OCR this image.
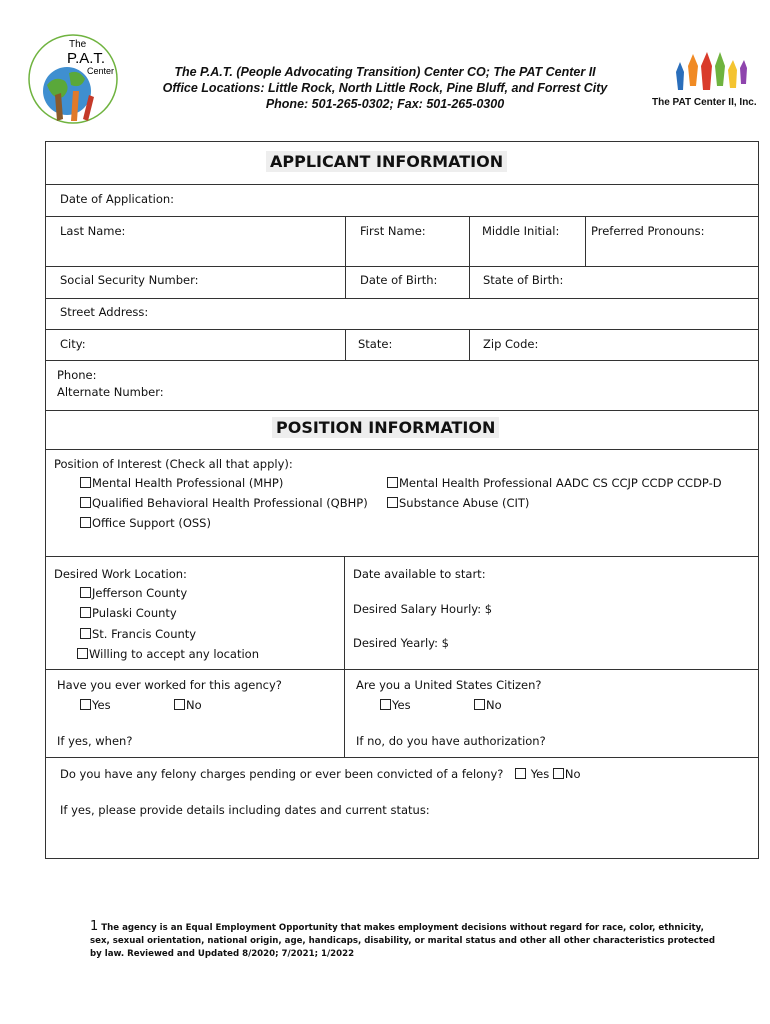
The
P.A.T.
Center	The P.A.T. (People Advocating Transition) Center CO; The PAT Center II
Office Locations: Little Rock, North Little Rock, Pine Bluff, and Forrest City
Phone: 501-265-0302; Fax: 501-265-0300	The PAT Center II, Inc.
APPLICANT INFORMATION
Date of Application:
Last Name:	First Name:	Middle Initial:	Preferred Pronouns:
Social Security Number:	Date of Birth:	State of Birth:
Street Address:
City:	State:	Zip Code:
Phone:
Alternate Number:
POSITION INFORMATION
Position of Interest (Check all that apply):
Mental Health Professional (MHP)
Qualified Behavioral Health Professional (QBHP)
Office Support (OSS)
Mental Health Professional AADC CS CCJP CCDP CCDP-D
Substance Abuse (CIT)
Desired Work Location:
Jefferson County
Pulaski County
St. Francis County
Willing to accept any location
Date available to start:
Desired Salary Hourly: $
Desired Yearly: $
Have you ever worked for this agency?
Yes	No
Are you a United States Citizen?
Yes	No
If yes, when?	If no, do you have authorization?
Do you have any felony charges pending or ever been convicted of a felony? Yes No
If yes, please provide details including dates and current status:
1 The agency is an Equal Employment Opportunity that makes employment decisions without regard for race, color, ethnicity, sex, sexual orientation, national origin, age, handicaps, disability, or marital status and other all other characteristics protected by law. Reviewed and Updated 8/2020; 7/2021; 1/2022
